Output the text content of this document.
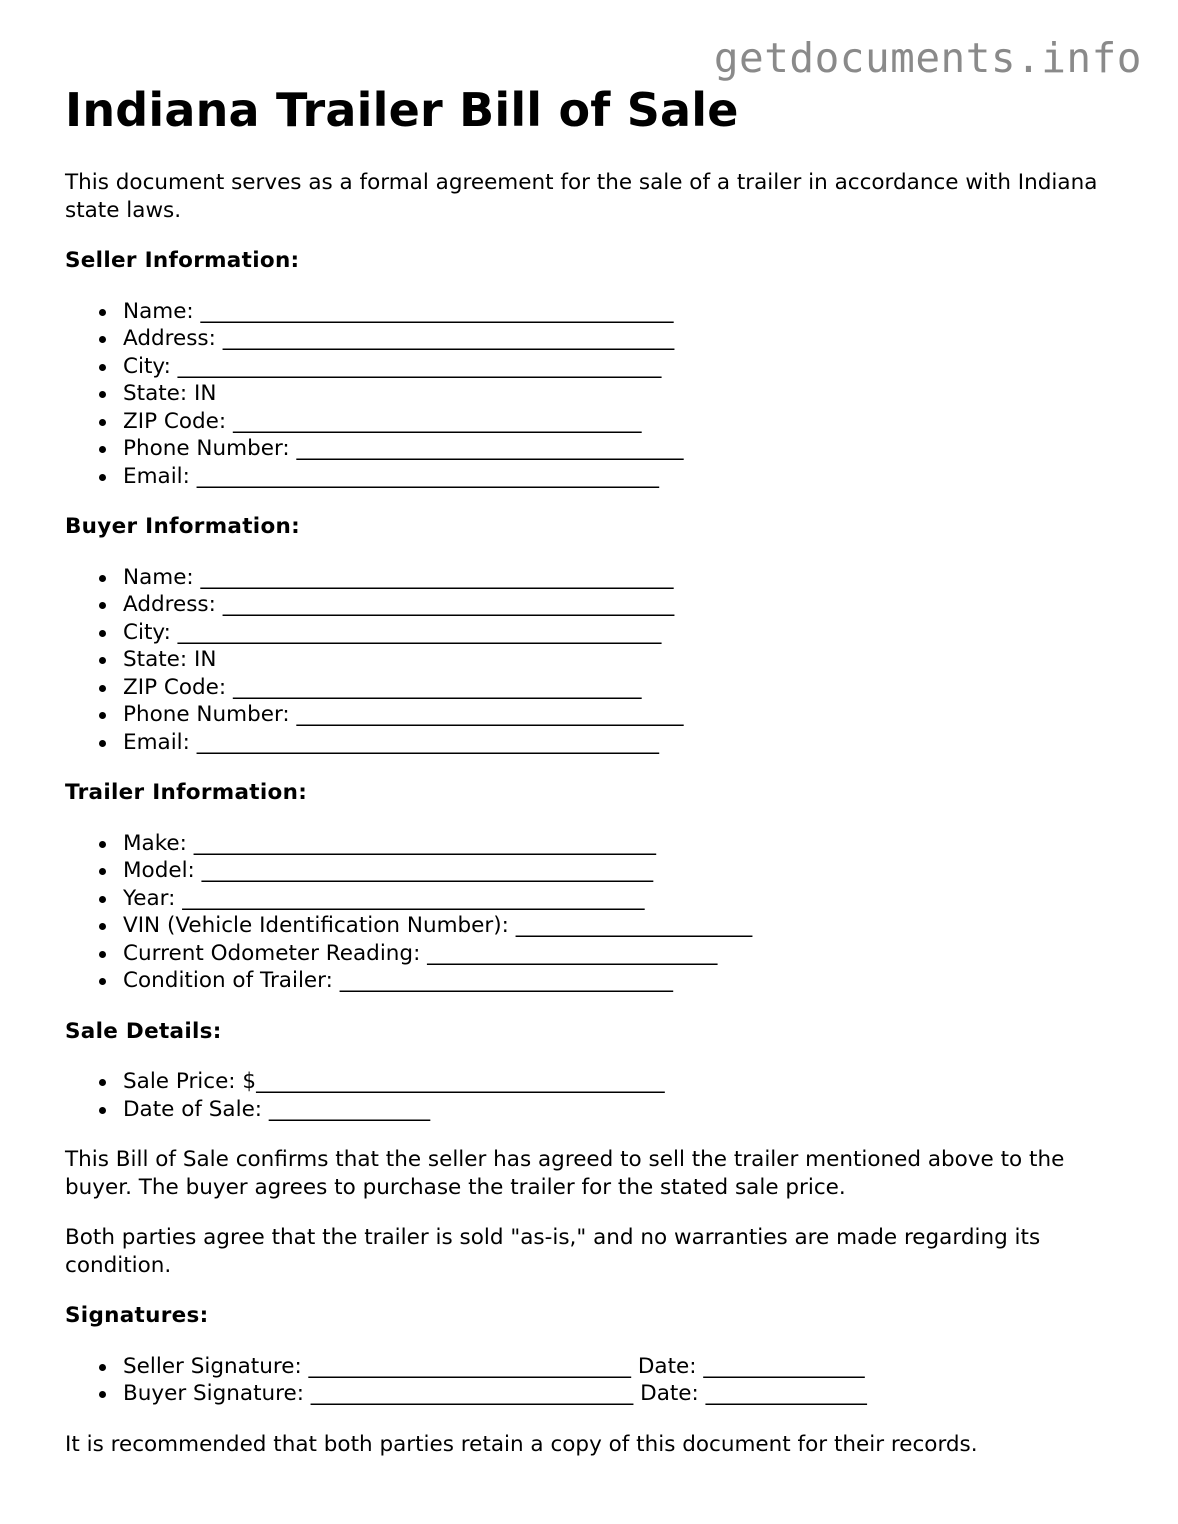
getdocuments.info
Indiana Trailer Bill of Sale

This document serves as a formal agreement for the sale of a trailer in accordance with Indiana state laws.

Seller Information:
Name: ____________________________________________
Address: __________________________________________
City: _____________________________________________
State: IN
ZIP Code: ______________________________________
Phone Number: ____________________________________
Email: ___________________________________________
Buyer Information:
Name: ____________________________________________
Address: __________________________________________
City: _____________________________________________
State: IN
ZIP Code: ______________________________________
Phone Number: ____________________________________
Email: ___________________________________________
Trailer Information:
Make: ___________________________________________
Model: __________________________________________
Year: ___________________________________________
VIN (Vehicle Identification Number): ______________________
Current Odometer Reading: ___________________________
Condition of Trailer: _______________________________
Sale Details:
Sale Price: $______________________________________
Date of Sale: _______________

This Bill of Sale confirms that the seller has agreed to sell the trailer mentioned above to the buyer. The buyer agrees to purchase the trailer for the stated sale price.

Both parties agree that the trailer is sold "as-is," and no warranties are made regarding its condition.

Signatures:
Seller Signature: ______________________________ Date: _______________
Buyer Signature: ______________________________ Date: _______________

It is recommended that both parties retain a copy of this document for their records.
